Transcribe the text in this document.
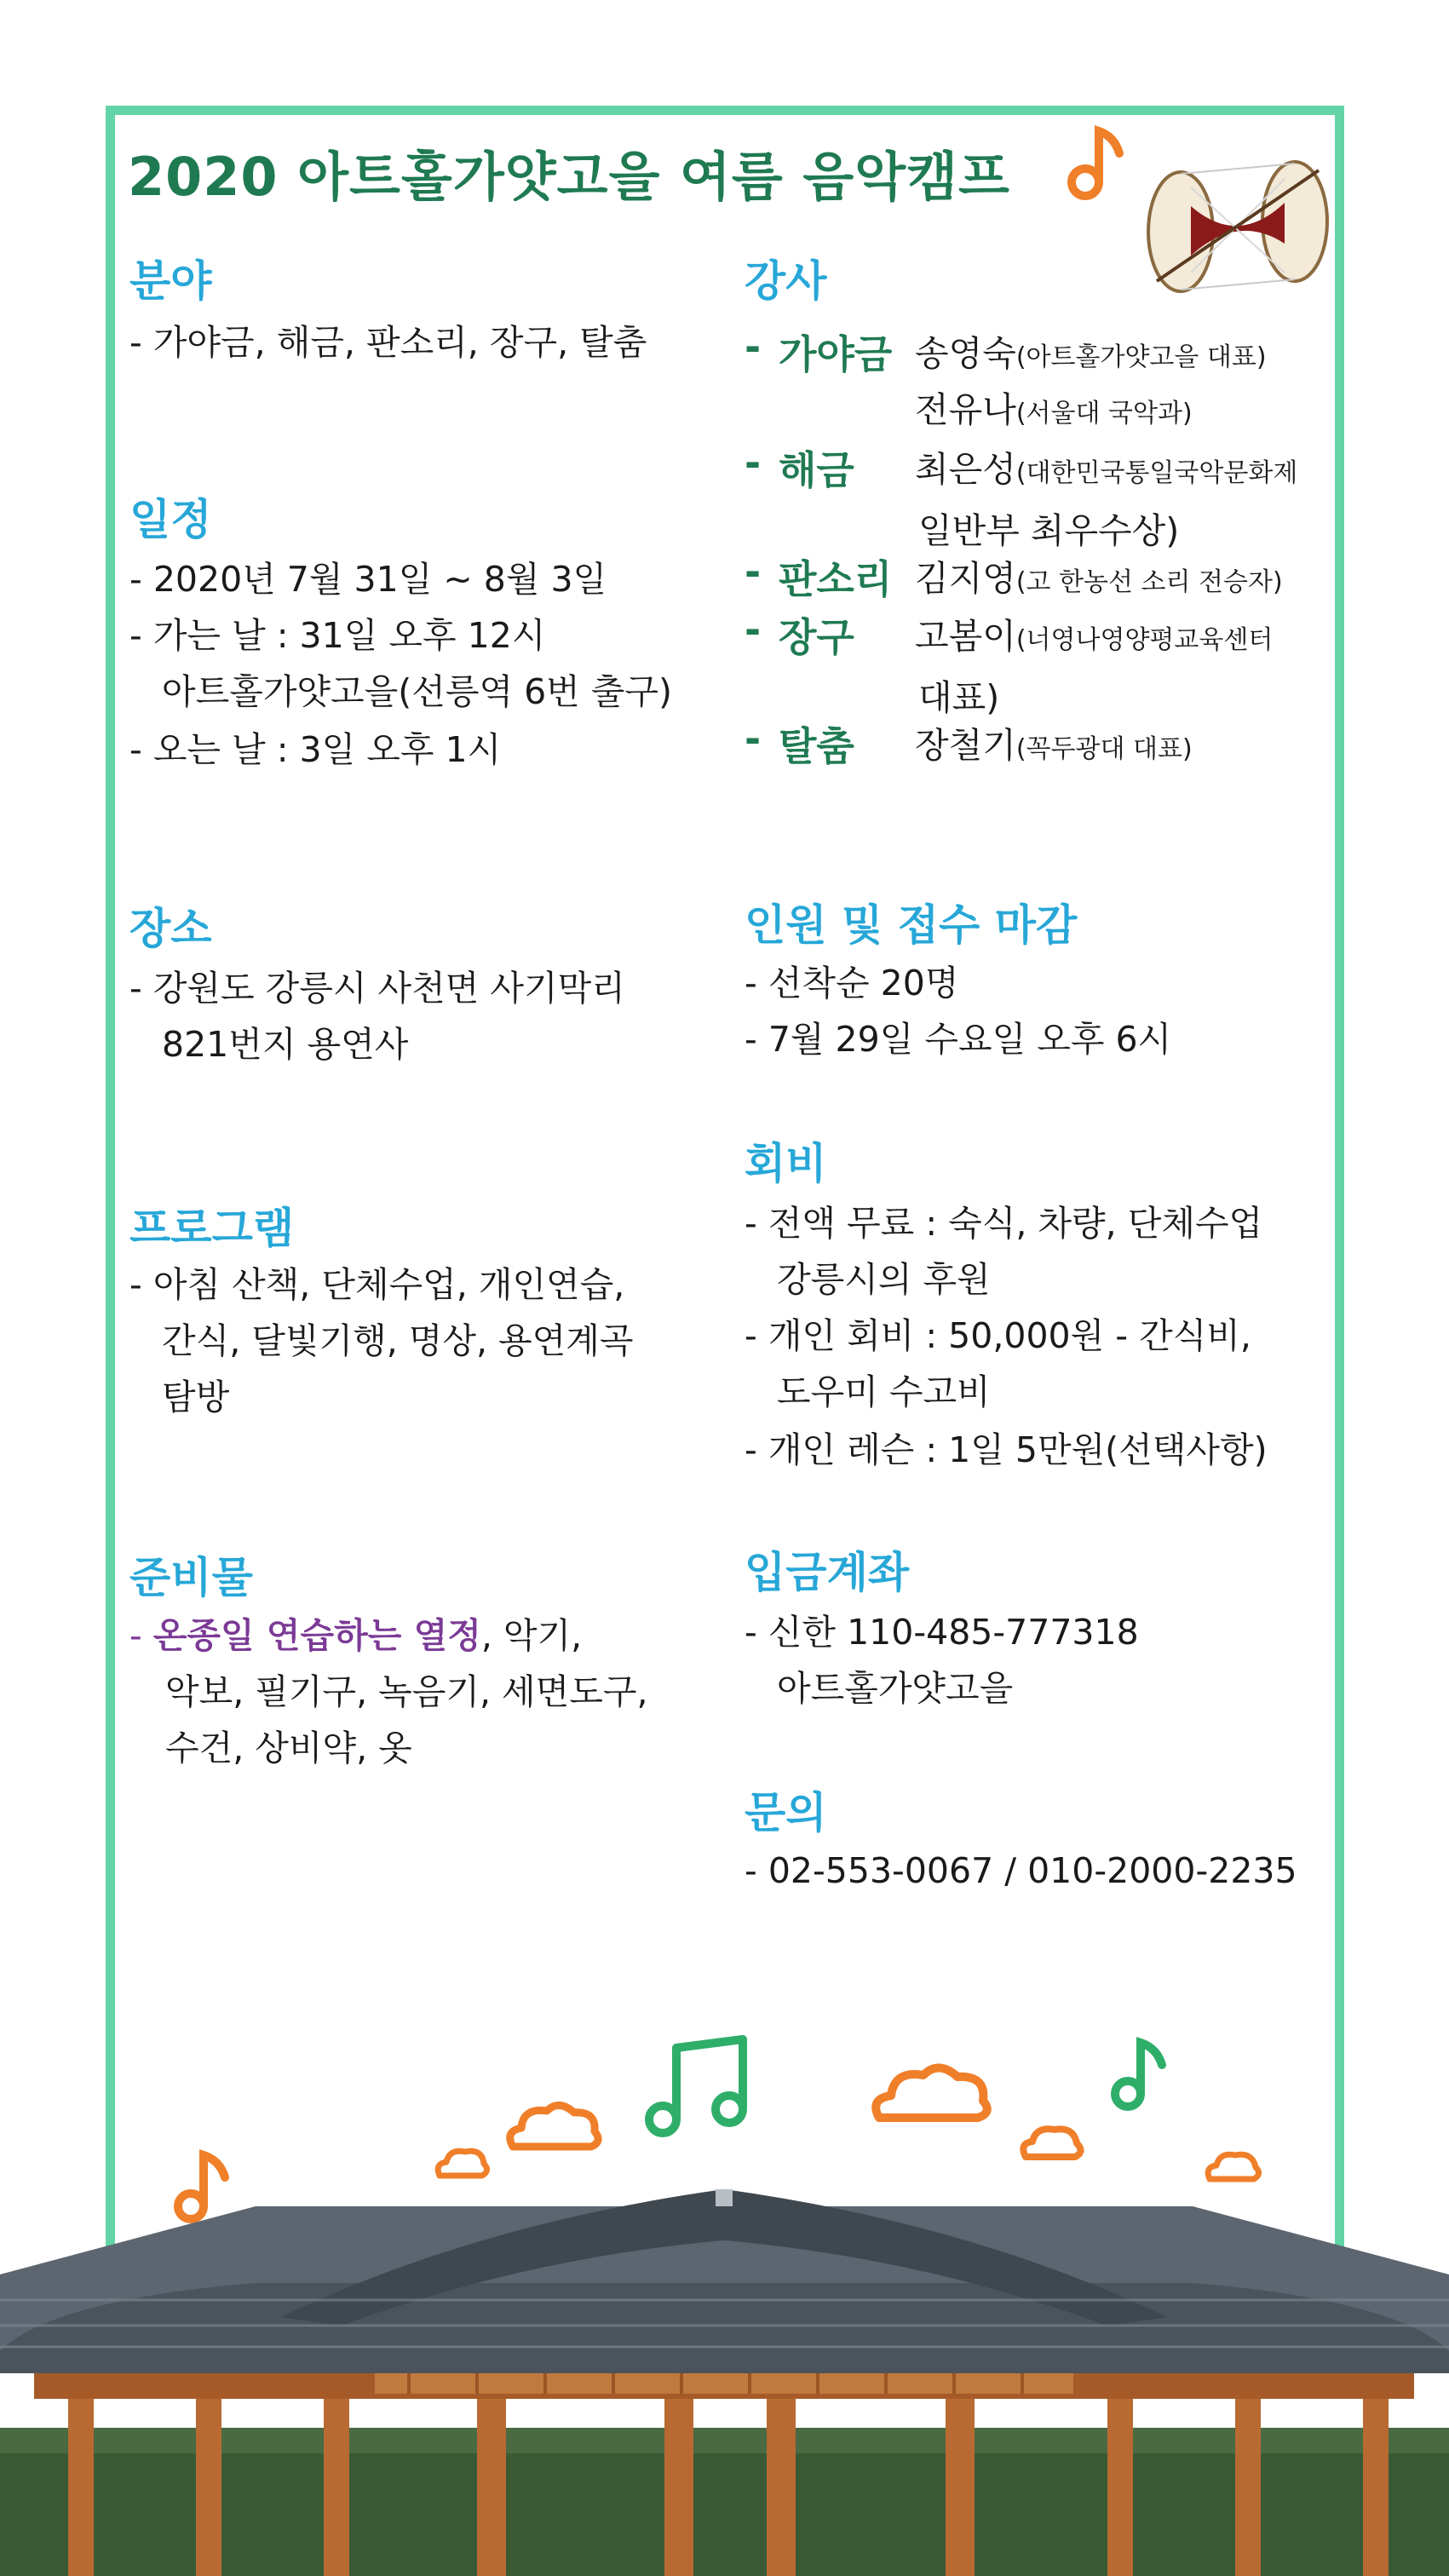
2020 아트홀가얏고을 여름 음악캠프
분야
- 가야금, 해금, 판소리, 장구, 탈춤
일정
- 2020년 7월 31일 ~ 8월 3일
- 가는 날 : 31일 오후 12시
아트홀가얏고을(선릉역 6번 출구)
- 오는 날 : 3일 오후 1시
장소
- 강원도 강릉시 사천면 사기막리
821번지 용연사
프로그램
- 아침 산책, 단체수업, 개인연습,
간식, 달빛기행, 명상, 용연계곡
탐방
준비물
- 온종일 연습하는 열정, 악기,
악보, 필기구, 녹음기, 세면도구,
수건, 상비약, 옷
강사
- 가야금 송영숙(아트홀가얏고을 대표)
전유나(서울대 국악과)
- 해금 최은성(대한민국통일국악문화제
일반부 최우수상)
- 판소리 김지영(고 한농선 소리 전승자)
- 장구 고봄이(너영나영양평교육센터
대표)
- 탈춤 장철기(꼭두광대 대표)
인원 및 접수 마감
- 선착순 20명
- 7월 29일 수요일 오후 6시
회비
- 전액 무료 : 숙식, 차량, 단체수업
강릉시의 후원
- 개인 회비 : 50,000원 - 간식비,
도우미 수고비
- 개인 레슨 : 1일 5만원(선택사항)
입금계좌
- 신한 110-485-777318
아트홀가얏고을
문의
- 02-553-0067 / 010-2000-2235
